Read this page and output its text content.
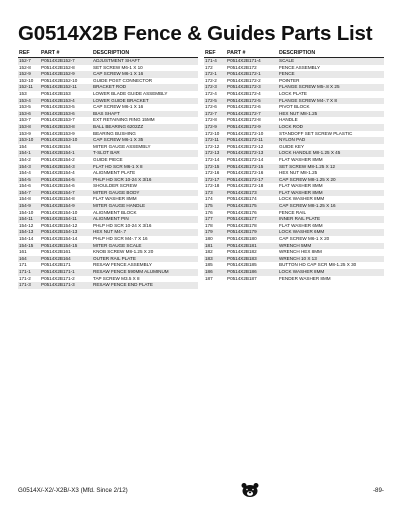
G0514X2B Fence & Guides Parts List
REF	PART #	DESCRIPTION
152-7	P0514X2B152-7	ADJUSTMENT SHAFT
152-8	P0514X2B152-8	SET SCREW M6-1 X 10
152-9	P0514X2B152-9	CAP SCREW M6-1 X 16
152-10	P0514X2B152-10	GUIDE POST CONNECTOR
152-11	P0514X2B152-11	BRACKET ROD
153	P0514X2B153	LOWER BLADE GUIDE ASSEMBLY
153-4	P0514X2B153-4	LOWER GUIDE BRACKET
153-5	P0514X2B153-5	CAP SCREW M6-1 X 16
153-6	P0514X2B153-6	BIAS SHAFT
153-7	P0514X2B153-7	EXT RETAINING RING 15MM
153-8	P0514X2B153-8	BALL BEARING 6202ZZ
153-9	P0514X2B153-9	BEARING BUSHING
153-10	P0514X2B153-10	CAP SCREW M6-1 X 35
154	P0514X2B154	MITER GAUGE ASSEMBLY
154-1	P0514X2B154-1	T-SLOT BAR
154-2	P0514X2B154-2	GUIDE PIECE
154-3	P0514X2B154-3	FLAT HD SCR M6-1 X 8
154-4	P0514X2B154-4	ALIGNMENT PLATE
154-5	P0514X2B154-5	PHLP HD SCR 10-24 X 3/16
154-6	P0514X2B154-6	SHOULDER SCREW
154-7	P0514X2B154-7	MITER GAUGE BODY
154-8	P0514X2B154-8	FLAT WASHER 8MM
154-9	P0514X2B154-9	MITER GAUGE HANDLE
154-10	P0514X2B154-10	ALIGNMENT BLOCK
154-11	P0514X2B154-11	ALIGNMENT PIN
154-12	P0514X2B154-12	PHLP HD SCR 10-24 X 3/16
154-13	P0514X2B154-13	HEX NUT M4-.7
154-14	P0514X2B154-14	PHLP HD SCR M4-.7 X 16
154-15	P0514X2B154-15	MITER GAUGE SCALE
161	P0514X2B161	KNOB SCREW M8-1.25 X 20
164	P0514X2B164	OUTER RAIL PLATE
171	P0514X2B171	RESAW FENCE ASSEMBLY
171-1	P0514X2B171-1	RESAW FENCE 590MM ALUMINUM
171-2	P0514X2B171-2	TAP SCREW M3.5 X 8
171-3	P0514X2B171-3	RESAW FENCE END PLATE
REF	PART #	DESCRIPTION
171-4	P0514X2B171-4	SCALE
172	P0514X2B172	FENCE ASSEMBLY
172-1	P0514X2B172-1	FENCE
172-2	P0514X2B172-2	POINTER
172-3	P0514X2B172-3	FLANGE SCREW M5-.8 X 25
172-4	P0514X2B172-4	LOCK PLATE
172-5	P0514X2B172-5	FLANGE SCREW M4-.7 X 8
172-6	P0514X2B172-6	PIVOT BLOCK
172-7	P0514X2B172-7	HEX NUT M8-1.25
172-8	P0514X2B172-8	HANDLE
172-9	P0514X2B172-9	LOCK ROD
172-10	P0514X2B172-10	STANDOFF SET SCREW PLASTIC
172-11	P0514X2B172-11	NYLON PAD
172-12	P0514X2B172-12	GUIDE KEY
172-13	P0514X2B172-13	LOCK HANDLE M8-1.25 X 45
172-14	P0514X2B172-14	FLAT WASHER 8MM
172-15	P0514X2B172-15	SET SCREW M8-1.25 X 12
172-16	P0514X2B172-16	HEX NUT M8-1.25
172-17	P0514X2B172-17	CAP SCREW M8-1.25 X 20
172-18	P0514X2B172-18	FLAT WASHER 8MM
173	P0514X2B173	FLAT WASHER 8MM
174	P0514X2B174	LOCK WASHER 8MM
175	P0514X2B175	CAP SCREW M8-1.25 X 16
176	P0514X2B176	FENCE RAIL
177	P0514X2B177	INNER RAIL PLATE
178	P0514X2B178	FLAT WASHER 6MM
179	P0514X2B179	LOCK WASHER 6MM
180	P0514X2B180	CAP SCREW M6-1 X 20
181	P0514X2B181	WRENCH 5MM
182	P0514X2B182	WRENCH HEX 8MM
183	P0514X2B183	WRENCH 10 X 13
185	P0514X2B185	BUTTON HD CAP SCR M8-1.25 X 30
186	P0514X2B186	LOCK WASHER 8MM
187	P0514X2B187	FENDER WASHER 8MM
G0514X/-X2/-X2B/-X3 (Mfd. Since 2/12)	-89-
